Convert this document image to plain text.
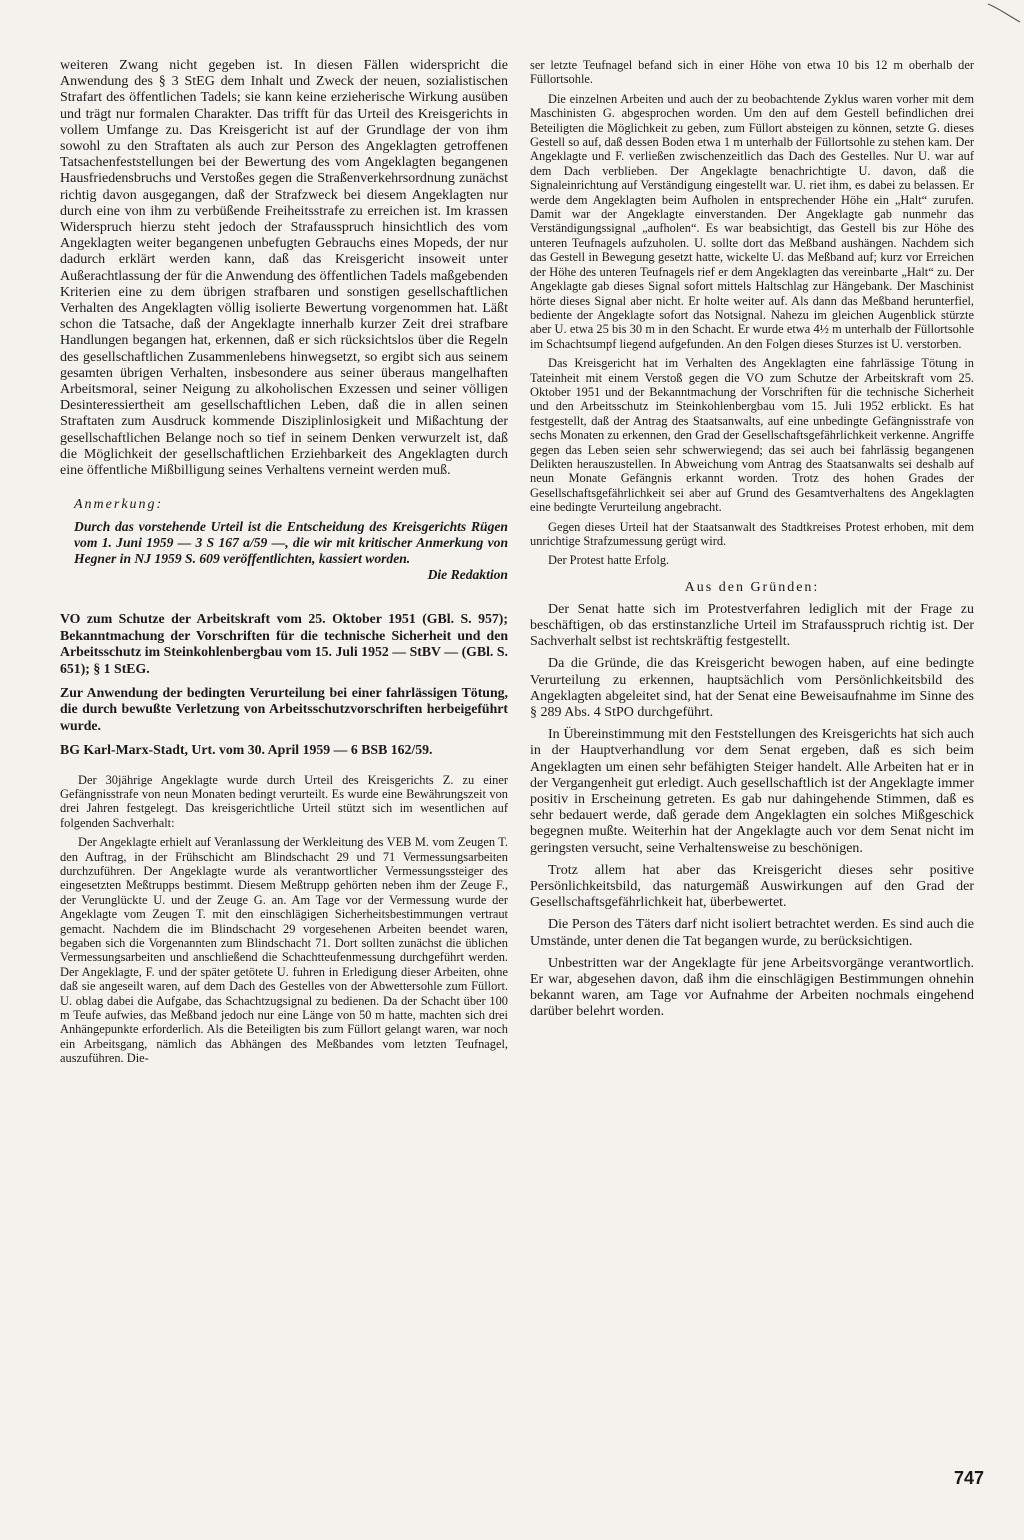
weiteren Zwang nicht gegeben ist. In diesen Fällen widerspricht die Anwendung des § 3 StEG dem Inhalt und Zweck der neuen, sozialistischen Strafart des öffentlichen Tadels; sie kann keine erzieherische Wirkung ausüben und trägt nur formalen Charakter. Das trifft für das Urteil des Kreisgerichts in vollem Umfange zu. Das Kreisgericht ist auf der Grundlage der von ihm sowohl zu den Straftaten als auch zur Person des Angeklagten getroffenen Tatsachenfeststellungen bei der Bewertung des vom Angeklagten begangenen Hausfriedensbruchs und Verstoßes gegen die Straßenverkehrsordnung zunächst richtig davon ausgegangen, daß der Strafzweck bei diesem Angeklagten nur durch eine von ihm zu verbüßende Freiheitsstrafe zu erreichen ist. Im krassen Widerspruch hierzu steht jedoch der Strafausspruch hinsichtlich des vom Angeklagten weiter begangenen unbefugten Gebrauchs eines Mopeds, der nur dadurch erklärt werden kann, daß das Kreisgericht insoweit unter Außerachtlassung der für die Anwendung des öffentlichen Tadels maßgebenden Kriterien eine zu dem übrigen strafbaren und sonstigen gesellschaftlichen Verhalten des Angeklagten völlig isolierte Bewertung vorgenommen hat. Läßt schon die Tatsache, daß der Angeklagte innerhalb kurzer Zeit drei strafbare Handlungen begangen hat, erkennen, daß er sich rücksichtslos über die Regeln des gesellschaftlichen Zusammenlebens hinwegsetzt, so ergibt sich aus seinem gesamten übrigen Verhalten, insbesondere aus seiner überaus mangelhaften Arbeitsmoral, seiner Neigung zu alkoholischen Exzessen und seiner völligen Desinteressiertheit am gesellschaftlichen Leben, daß die in allen seinen Straftaten zum Ausdruck kommende Disziplinlosigkeit und Mißachtung der gesellschaftlichen Belange noch so tief in seinem Denken verwurzelt ist, daß die Möglichkeit der gesellschaftlichen Erziehbarkeit des Angeklagten durch eine öffentliche Mißbilligung seines Verhaltens verneint werden muß.

Anmerkung:

Durch das vorstehende Urteil ist die Entscheidung des Kreisgerichts Rügen vom 1. Juni 1959 — 3 S 167 a/59 —, die wir mit kritischer Anmerkung von Hegner in NJ 1959 S. 609 veröffentlichten, kassiert worden.

Die Redaktion

VO zum Schutze der Arbeitskraft vom 25. Oktober 1951 (GBl. S. 957); Bekanntmachung der Vorschriften für die technische Sicherheit und den Arbeitsschutz im Steinkohlenbergbau vom 15. Juli 1952 — StBV — (GBl. S. 651); § 1 StEG.

Zur Anwendung der bedingten Verurteilung bei einer fahrlässigen Tötung, die durch bewußte Verletzung von Arbeitsschutzvorschriften herbeigeführt wurde.

BG Karl-Marx-Stadt, Urt. vom 30. April 1959 — 6 BSB 162/59.

Der 30jährige Angeklagte wurde durch Urteil des Kreisgerichts Z. zu einer Gefängnisstrafe von neun Monaten bedingt verurteilt. Es wurde eine Bewährungszeit von drei Jahren festgelegt. Das kreisgerichtliche Urteil stützt sich im wesentlichen auf folgenden Sachverhalt:

Der Angeklagte erhielt auf Veranlassung der Werkleitung des VEB M. vom Zeugen T. den Auftrag, in der Frühschicht am Blindschacht 29 und 71 Vermessungsarbeiten durchzuführen. Der Angeklagte wurde als verantwortlicher Vermessungssteiger des eingesetzten Meßtrupps bestimmt. Diesem Meßtrupp gehörten neben ihm der Zeuge F., der Verunglückte U. und der Zeuge G. an. Am Tage vor der Vermessung wurde der Angeklagte vom Zeugen T. mit den einschlägigen Sicherheitsbestimmungen vertraut gemacht. Nachdem die im Blindschacht 29 vorgesehenen Arbeiten beendet waren, begaben sich die Vorgenannten zum Blindschacht 71. Dort sollten zunächst die üblichen Vermessungsarbeiten und anschließend die Schachtteufenmessung durchgeführt werden. Der Angeklagte, F. und der später getötete U. fuhren in Erledigung dieser Arbeiten, ohne daß sie angeseilt waren, auf dem Dach des Gestelles von der Abwettersohle zum Füllort. U. oblag dabei die Aufgabe, das Schachtzugsignal zu bedienen. Da der Schacht über 100 m Teufe aufwies, das Meßband jedoch nur eine Länge von 50 m hatte, machten sich drei Anhängepunkte erforderlich. Als die Beteiligten bis zum Füllort gelangt waren, war noch ein Arbeitsgang, nämlich das Abhängen des Meßbandes vom letzten Teufnagel, auszuführen. Die-

ser letzte Teufnagel befand sich in einer Höhe von etwa 10 bis 12 m oberhalb der Füllortsohle.

Die einzelnen Arbeiten und auch der zu beobachtende Zyklus waren vorher mit dem Maschinisten G. abgesprochen worden. Um den auf dem Gestell befindlichen drei Beteiligten die Möglichkeit zu geben, zum Füllort absteigen zu können, setzte G. dieses Gestell so auf, daß dessen Boden etwa 1 m unterhalb der Füllortsohle zu stehen kam. Der Angeklagte und F. verließen zwischenzeitlich das Dach des Gestelles. Nur U. war auf dem Dach verblieben. Der Angeklagte benachrichtigte U. davon, daß die Signaleinrichtung auf Verständigung eingestellt war. U. riet ihm, es dabei zu belassen. Er werde dem Angeklagten beim Aufholen in entsprechender Höhe ein „Halt“ zurufen. Damit war der Angeklagte einverstanden. Der Angeklagte gab nunmehr das Verständigungssignal „aufholen“. Es war beabsichtigt, das Gestell bis zur Höhe des unteren Teufnagels aufzuholen. U. sollte dort das Meßband aushängen. Nachdem sich das Gestell in Bewegung gesetzt hatte, wickelte U. das Meßband auf; kurz vor Erreichen der Höhe des unteren Teufnagels rief er dem Angeklagten das vereinbarte „Halt“ zu. Der Angeklagte gab dieses Signal sofort mittels Haltschlag zur Hängebank. Der Maschinist hörte dieses Signal aber nicht. Er holte weiter auf. Als dann das Meßband herunterfiel, bediente der Angeklagte sofort das Notsignal. Nahezu im gleichen Augenblick stürzte aber U. etwa 25 bis 30 m in den Schacht. Er wurde etwa 4½ m unterhalb der Füllortsohle im Schachtsumpf liegend aufgefunden. An den Folgen dieses Sturzes ist U. verstorben.

Das Kreisgericht hat im Verhalten des Angeklagten eine fahrlässige Tötung in Tateinheit mit einem Verstoß gegen die VO zum Schutze der Arbeitskraft vom 25. Oktober 1951 und der Bekanntmachung der Vorschriften für die technische Sicherheit und den Arbeitsschutz im Steinkohlenbergbau vom 15. Juli 1952 erblickt. Es hat festgestellt, daß der Antrag des Staatsanwalts, auf eine unbedingte Gefängnisstrafe von sechs Monaten zu erkennen, den Grad der Gesellschaftsgefährlichkeit verkenne. Angriffe gegen das Leben seien sehr schwerwiegend; das sei auch bei fahrlässig begangenen Delikten herauszustellen. In Abweichung vom Antrag des Staatsanwalts sei deshalb auf neun Monate Gefängnis erkannt worden. Trotz des hohen Grades der Gesellschaftsgefährlichkeit sei aber auf Grund des Gesamtverhaltens des Angeklagten eine bedingte Verurteilung angebracht.

Gegen dieses Urteil hat der Staatsanwalt des Stadtkreises Protest erhoben, mit dem unrichtige Strafzumessung gerügt wird.

Der Protest hatte Erfolg.

Aus den Gründen:

Der Senat hatte sich im Protestverfahren lediglich mit der Frage zu beschäftigen, ob das erstinstanzliche Urteil im Strafausspruch richtig ist. Der Sachverhalt selbst ist rechtskräftig festgestellt.

Da die Gründe, die das Kreisgericht bewogen haben, auf eine bedingte Verurteilung zu erkennen, hauptsächlich vom Persönlichkeitsbild des Angeklagten abgeleitet sind, hat der Senat eine Beweisaufnahme im Sinne des § 289 Abs. 4 StPO durchgeführt.

In Übereinstimmung mit den Feststellungen des Kreisgerichts hat sich auch in der Hauptverhandlung vor dem Senat ergeben, daß es sich beim Angeklagten um einen sehr befähigten Steiger handelt. Alle Arbeiten hat er in der Vergangenheit gut erledigt. Auch gesellschaftlich ist der Angeklagte immer positiv in Erscheinung getreten. Es gab nur dahingehende Stimmen, daß es sehr bedauert werde, daß gerade dem Angeklagten ein solches Mißgeschick begegnen mußte. Weiterhin hat der Angeklagte auch vor dem Senat nicht im geringsten versucht, seine Verhaltensweise zu beschönigen.

Trotz allem hat aber das Kreisgericht dieses sehr positive Persönlichkeitsbild, das naturgemäß Auswirkungen auf den Grad der Gesellschaftsgefährlichkeit hat, überbewertet.

Die Person des Täters darf nicht isoliert betrachtet werden. Es sind auch die Umstände, unter denen die Tat begangen wurde, zu berücksichtigen.

Unbestritten war der Angeklagte für jene Arbeitsvorgänge verantwortlich. Er war, abgesehen davon, daß ihm die einschlägigen Bestimmungen ohnehin bekannt waren, am Tage vor Aufnahme der Arbeiten nochmals eingehend darüber belehrt worden.

747
